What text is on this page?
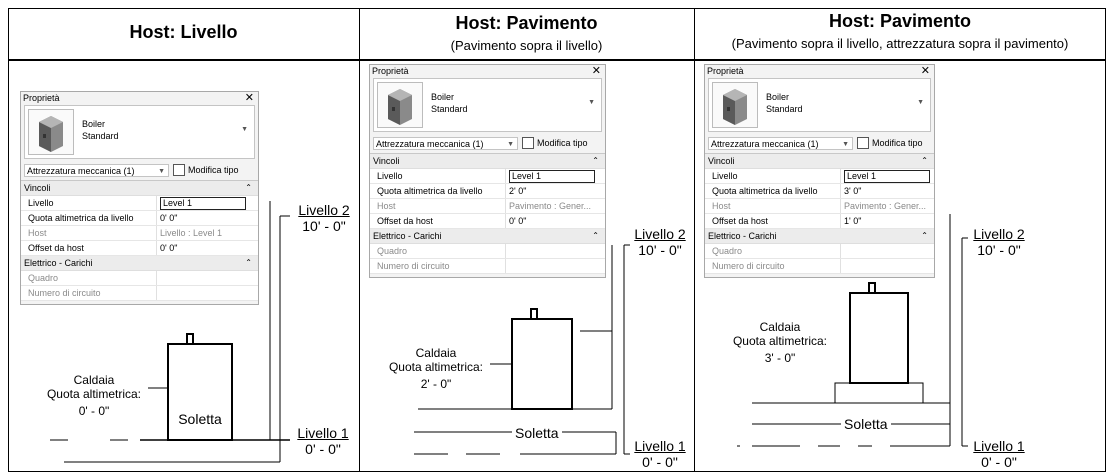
Host: Livello	Host: Pavimento
(Pavimento sopra il livello)
Host: Pavimento
(Pavimento sopra il livello, attrezzatura sopra il pavimento)
Proprietà	✕
Boiler
Standard
▼
Attrezzatura meccanica (1)	▼	Modifica tipo
Vincoli	⌃
Livello	Level 1
Quota altimetrica da livello	0' 0"
Host	Livello : Level 1
Offset da host	0' 0"
Elettrico - Carichi	⌃
Quadro
Numero di circuito
Proprietà	✕
Boiler
Standard
▼
Attrezzatura meccanica (1)	▼	Modifica tipo
Vincoli	⌃
Livello	Level 1
Quota altimetrica da livello	2' 0"
Host	Pavimento : Gener...
Offset da host	0' 0"
Elettrico - Carichi	⌃
Quadro
Numero di circuito
Proprietà	✕
Boiler
Standard
▼
Attrezzatura meccanica (1)	▼	Modifica tipo
Vincoli	⌃
Livello	Level 1
Quota altimetrica da livello	3' 0"
Host	Pavimento : Gener...
Offset da host	1' 0"
Elettrico - Carichi	⌃
Quadro
Numero di circuito
Caldaia
Quota altimetrica:
0' - 0"	Soletta
Livello 2
10' - 0"
Livello 1
0' - 0"
Caldaia
Quota altimetrica:
2' - 0"
Soletta
Livello 2
10' - 0"
Livello 1
0' - 0"
Caldaia
Quota altimetrica:
3' - 0"
Soletta
Livello 2
10' - 0"
Livello 1
0' - 0"
